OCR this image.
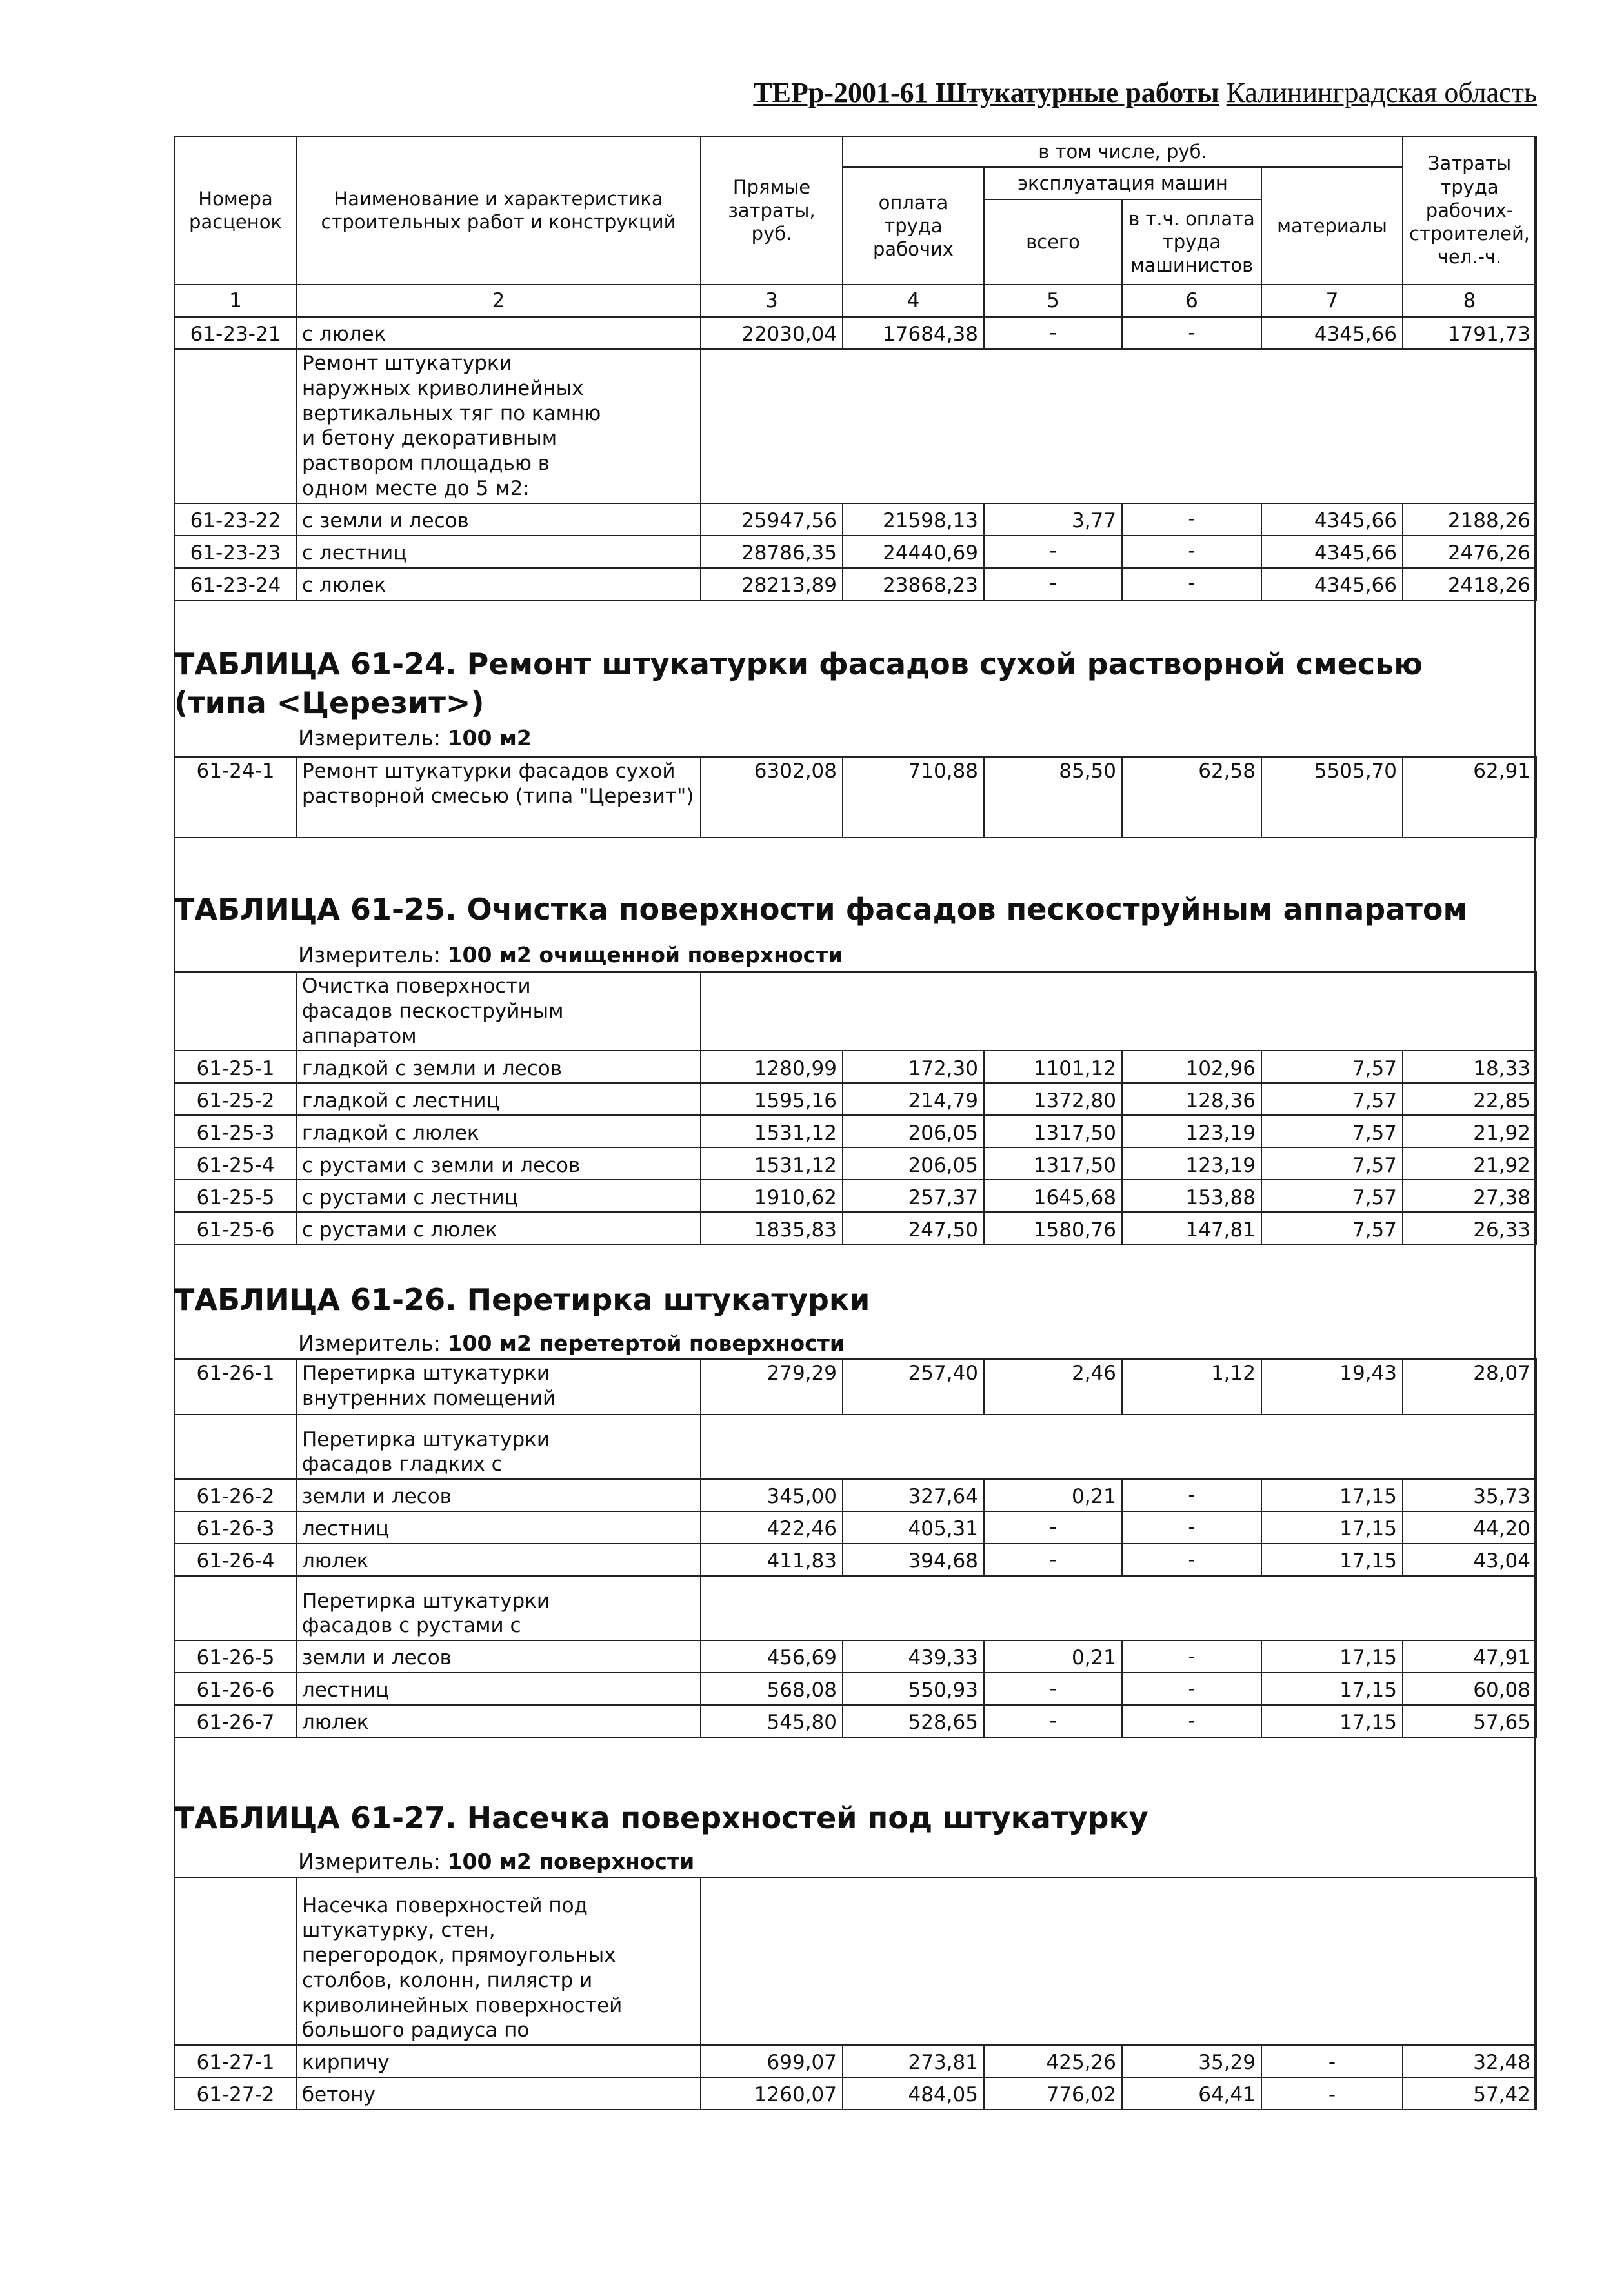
ТЕРр-2001-61 Штукатурные работы Калининградская область
Номера расценок	Наименование и характеристика строительных работ и конструкций	Прямые затраты, руб.	в том числе, руб.				Затраты труда рабочих-строителей, чел.-ч.
			оплата труда рабочих	эксплуатация машин		материалы	
				всего	в т.ч. оплата труда машинистов		
1	2	3	4	5	6	7	8
61-23-21	с люлек	22030,04	17684,38	-	-	4345,66	1791,73
	Ремонт штукатурки наружных криволинейных вертикальных тяг по камню и бетону декоративным раствором площадью в одном месте до 5 м2:						
61-23-22	с земли и лесов	25947,56	21598,13	3,77	-	4345,66	2188,26
61-23-23	с лестниц	28786,35	24440,69	-	-	4345,66	2476,26
61-23-24	с люлек	28213,89	23868,23	-	-	4345,66	2418,26
ТАБЛИЦА 61-24. Ремонт штукатурки фасадов сухой растворной смесью (типа <Церезит>)
Измеритель: 100 м2
61-24-1	Ремонт штукатурки фасадов сухой растворной смесью (типа "Церезит")	6302,08	710,88	85,50	62,58	5505,70	62,91
ТАБЛИЦА 61-25. Очистка поверхности фасадов пескоструйным аппаратом
Измеритель: 100 м2 очищенной поверхности
	Очистка поверхности фасадов пескоструйным аппаратом						
61-25-1	гладкой с земли и лесов	1280,99	172,30	1101,12	102,96	7,57	18,33
61-25-2	гладкой с лестниц	1595,16	214,79	1372,80	128,36	7,57	22,85
61-25-3	гладкой с люлек	1531,12	206,05	1317,50	123,19	7,57	21,92
61-25-4	с рустами с земли и лесов	1531,12	206,05	1317,50	123,19	7,57	21,92
61-25-5	с рустами с лестниц	1910,62	257,37	1645,68	153,88	7,57	27,38
61-25-6	с рустами с люлек	1835,83	247,50	1580,76	147,81	7,57	26,33
ТАБЛИЦА 61-26. Перетирка штукатурки
Измеритель: 100 м2 перетертой поверхности
61-26-1	Перетирка штукатурки внутренних помещений	279,29	257,40	2,46	1,12	19,43	28,07
	Перетирка штукатурки фасадов гладких с						
61-26-2	земли и лесов	345,00	327,64	0,21	-	17,15	35,73
61-26-3	лестниц	422,46	405,31	-	-	17,15	44,20
61-26-4	люлек	411,83	394,68	-	-	17,15	43,04
	Перетирка штукатурки фасадов с рустами с						
61-26-5	земли и лесов	456,69	439,33	0,21	-	17,15	47,91
61-26-6	лестниц	568,08	550,93	-	-	17,15	60,08
61-26-7	люлек	545,80	528,65	-	-	17,15	57,65
ТАБЛИЦА 61-27. Насечка поверхностей под штукатурку
Измеритель: 100 м2 поверхности
	Насечка поверхностей под штукатурку, стен, перегородок, прямоугольных столбов, колонн, пилястр и криволинейных поверхностей большого радиуса по						
61-27-1	кирпичу	699,07	273,81	425,26	35,29	-	32,48
61-27-2	бетону	1260,07	484,05	776,02	64,41	-	57,42
